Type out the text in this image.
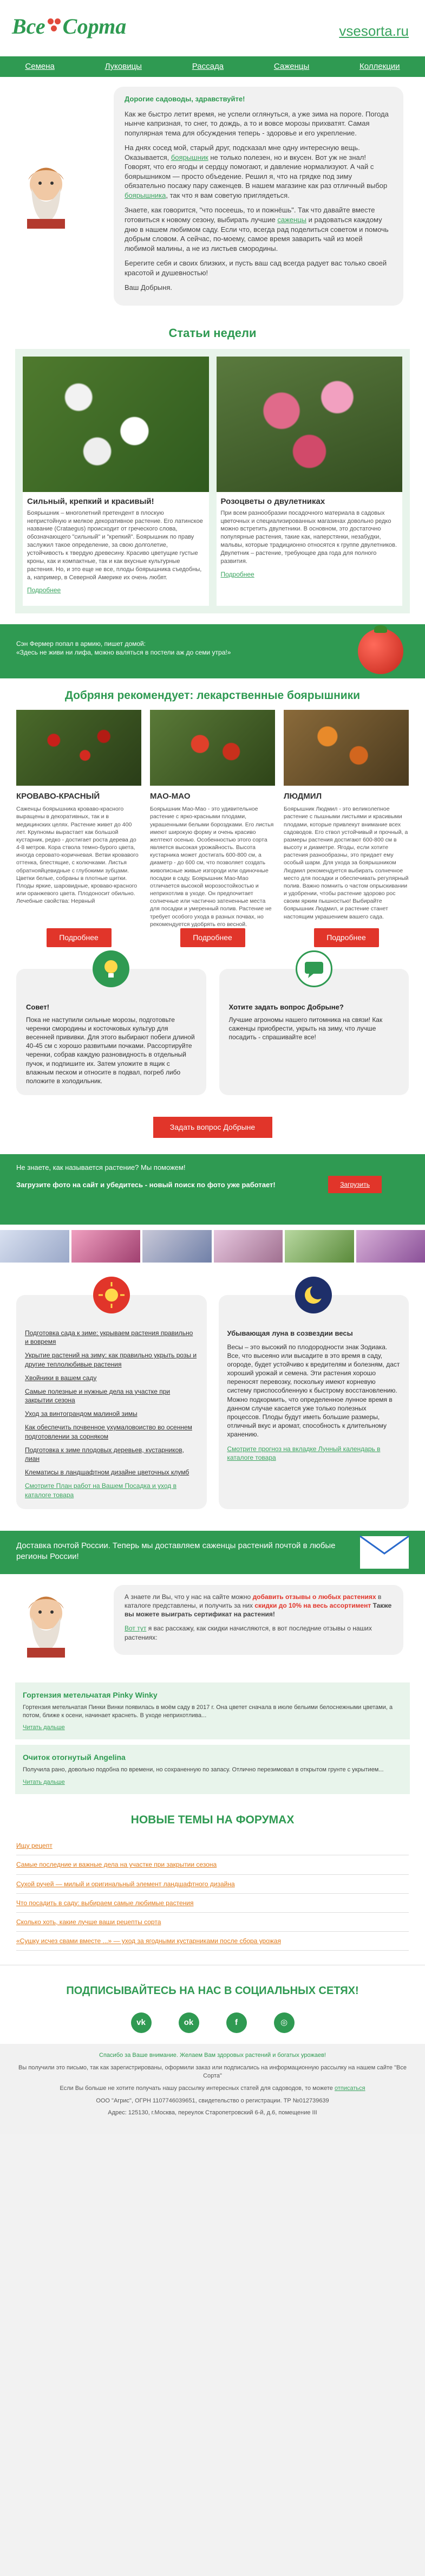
Все Сорта	vsesorta.ru
Семена	Луковицы	Рассада	Саженцы	Коллекции

Дорогие садоводы, здравствуйте!

Как же быстро летит время, не успели оглянуться, а уже зима на пороге. Погода нынче капризная, то снег, то дождь, а то и вовсе морозы прихватят. Самая популярная тема для обсуждения теперь - здоровье и его укрепление.

На днях сосед мой, старый друг, подсказал мне одну интересную вещь. Оказывается, боярышник не только полезен, но и вкусен. Вот уж не знал! Говорят, что его ягоды и сердцу помогают, и давление нормализуют. А чай с боярышником — просто объедение. Решил я, что на грядке под зиму обязательно посажу пару саженцев. В нашем магазине как раз отличный выбор боярышника, так что я вам советую приглядеться.

Знаете, как говорится, "что посеешь, то и пожнёшь". Так что давайте вместе готовиться к новому сезону, выбирать лучшие саженцы и радоваться каждому дню в нашем любимом саду. Если что, всегда рад поделиться советом и помочь добрым словом. А сейчас, по-моему, самое время заварить чай из моей любимой малины, а не из листьев смородины.

Берегите себя и своих близких, и пусть ваш сад всегда радует вас только своей красотой и душевностью!

Ваш Добрыня.

Статьи недели
Сильный, крепкий и красивый!

Боярышник – многолетний претендент в плоскую непристойную и мелкое декоративное растение. Его латинское название (Crataegus) происходит от греческого слова, обозначающего "сильный" и "крепкий". Боярышник по праву заслужил такое определение, за свою долголетие, устойчивость к твердую древесину. Красиво цветущие густые кроны, как и компактные, так и как вкусные культурные растения. Но, и это еще не все, плоды боярышника съедобны, а, например, в Северной Америке их очень любят.

Подробнее
Розоцветы о двулетниках

При всем разнообразии посадочного материала в садовых цветочных и специализированных магазинах довольно редко можно встретить двулетники. В основном, это достаточно популярные растения, такие как, наперстянки, незабудки, мальвы, которые традиционно относятся к группе двулетников. Двулетник – растение, требующее два года для полного развития.

Подробнее

Сэн Фермер попал в армию, пишет домой:

«Здесь не живи ни лифа, можно валяться в постели аж до семи утра!»

Добряня рекомендует: лекарственные боярышники
КРОВАВО-КРАСНЫЙ

Саженцы боярышника кроваво-красного выращены в декоративных, так и в медицинских целях. Растение живет до 400 лет. Крупномы вырастает как большой кустарник, редко - достигает роста дерева до 4-8 метров. Кора ствола темно-бурого цвета, иногда серовато-коричневая. Ветви кровавого оттенка, блестящие, с колючками. Листья обратнояйцевидные с глубокими зубцами. Цветки белые, собраны в плотные щитки. Плоды яркие, шаровидные, кроваво-красного или оранжевого цвета. Плодоносит обильно. Лечебные свойства: Нервный

Подробнее
МАО-МАО

Боярышник Мао-Мао - это удивительное растение с ярко-красными плодами, украшенными белыми бороздками. Его листья имеют широкую форму и очень красиво желтеют осенью. Особенностью этого сорта является высокая урожайность. Высота кустарника может достигать 600-800 см, а диаметр - до 600 см, что позволяет создать живописные живые изгороди или одиночные посадки в саду. Боярышник Мао-Мао отличается высокой морозостойкостью и неприхотлив в уходе. Он предпочитает солнечные или частично затененные места для посадки и умеренный полив. Растение не требует особого ухода в разных почвах, но рекомендуется удобрять его весной.

Подробнее
ЛЮДМИЛ

Боярышник Людмил - это великолепное растение с пышными листьями и красивыми плодами, которые привлекут внимание всех садоводов. Его ствол устойчивый и прочный, а размеры растения достигают 600-800 см в высоту и диаметре. Ягоды, если хотите растения разнообразны, это придает ему особый шарм. Для ухода за боярышником Людмил рекомендуется выбирать солнечное место для посадки и обеспечивать регулярный полив. Важно помнить о частом опрыскивании и удобрении, чтобы растение здорово рос своим ярким пышностью! Выбирайте боярышник Людмил, и растение станет настоящим украшением вашего сада.

Подробнее
Совет!

Пока не наступили сильные морозы, подготовьте черенки смородины и косточковых культур для весенней прививки. Для этого выбирают побеги длиной 40-45 см с хорошо развитыми почками. Рассортируйте черенки, собрав каждую разновидность в отдельный пучок, и подпишите их. Затем уложите в ящик с влажным песком и относите в подвал, погреб либо положите в холодильник.

Хотите задать вопрос Добрыне?

Лучшие агрономы нашего питомника на связи! Как саженцы приобрести, укрыть на зиму, что лучше посадить - спрашивайте все!

Задать вопрос Добрыне

Не знаете, как называется растение? Мы поможем!

Загрузите фото на сайт и убедитесь - новый поиск по фото уже работает!	Загрузить
Подготовка сада к зиме: укрываем растения правильно и вовремя
Укрытие растений на зиму: как правильно укрыть розы и другие теплолюбивые растения
Хвойники в вашем саду
Самые полезные и нужные дела на участке при закрытии сезона
Уход за винтограндом малиной зимы
Как обеспечить почвенное ухумаловоиство во осеннем подготовлении за сорняком
Подготовка к зиме плодовых деревьев, кустарников, лиан
Клематисы в ландшафтном дизайне цветочных клумб
Смотрите План работ на Вашем Посадка и уход в каталоге товара
Убывающая луна в созвездии весы

Весы – это высокий по плодородности знак Зодиака. Все, что высеяно или высадите в это время в саду, огороде, будет устойчиво к вредителям и болезням, даст хороший урожай и семена. Эти растения хорошо переносят перевозку, поскольку имеют корневую систему приспособленную к быстрому восстановлению. Можно подкормить, что определенное лунное время в данном случае касается уже только полезных процессов. Плоды будут иметь большие размеры, отличный вкус и аромат, способность к длительному хранению.

Смотрите прогноз на вкладке Лунный календарь в каталоге товара

Доставка почтой России. Теперь мы доставляем саженцы растений почтой в любые регионы России!

А знаете ли Вы, что у нас на сайте можно добавить отзывы о любых растениях в каталоге представлены, и получить за них скидки до 10% на весь ассортимент Также вы можете выиграть сертификат на растения!

Вот тут я вас расскажу, как скидки начисляются, в вот последние отзывы о наших растениях:

Гортензия метельчатая Pinky Winky

Гортензия метельчатая Пинки Винки появилась в моём саду в 2017 г. Она цветет сначала в июле бельими белоснежными цветами, а потом, ближе к осени, начинает краснеть. В уходе неприхотлива...

Читать дальше
Очиток отогнутый Angelina

Получила рано, довольно подобна по времени, но сохраненную по запасу. Отлично перезимовал в открытом грунте с укрытием...

Читать дальше
НОВЫЕ ТЕМЫ НА ФОРУМАХ
Ищу рецепт
Самые последние и важные дела на участке при закрытии сезона
Сухой ручей — милый и оригинальный элемент ландшафтного дизайна
Что посадить в саду: выбираем самые любимые растения
Сколько хоть, какие лучше ваши рецепты сорта
«Сушку исчез свами вместе ...» — уход за ягодными кустарниками после сбора урожая
ПОДПИСЫВАЙТЕСЬ НА НАС В СОЦИАЛЬНЫХ СЕТЯХ!
vk	ok	f	◎

Спасибо за Ваше внимание. Желаем Вам здоровых растений и богатых урожаев!

Вы получили это письмо, так как зарегистрированы, оформили заказ или подписались на информационную рассылку на нашем сайте "Все Сорта"

Если Вы больше не хотите получать нашу рассылку интересных статей для садоводов, то можете отписаться

ООО "Агрис", ОГРН 1107746039651, свидетельство о регистрации. ТР №012739639

Адрес: 125130, г.Москва, переулок Старопетровский 6-й, д.6, помещение III
